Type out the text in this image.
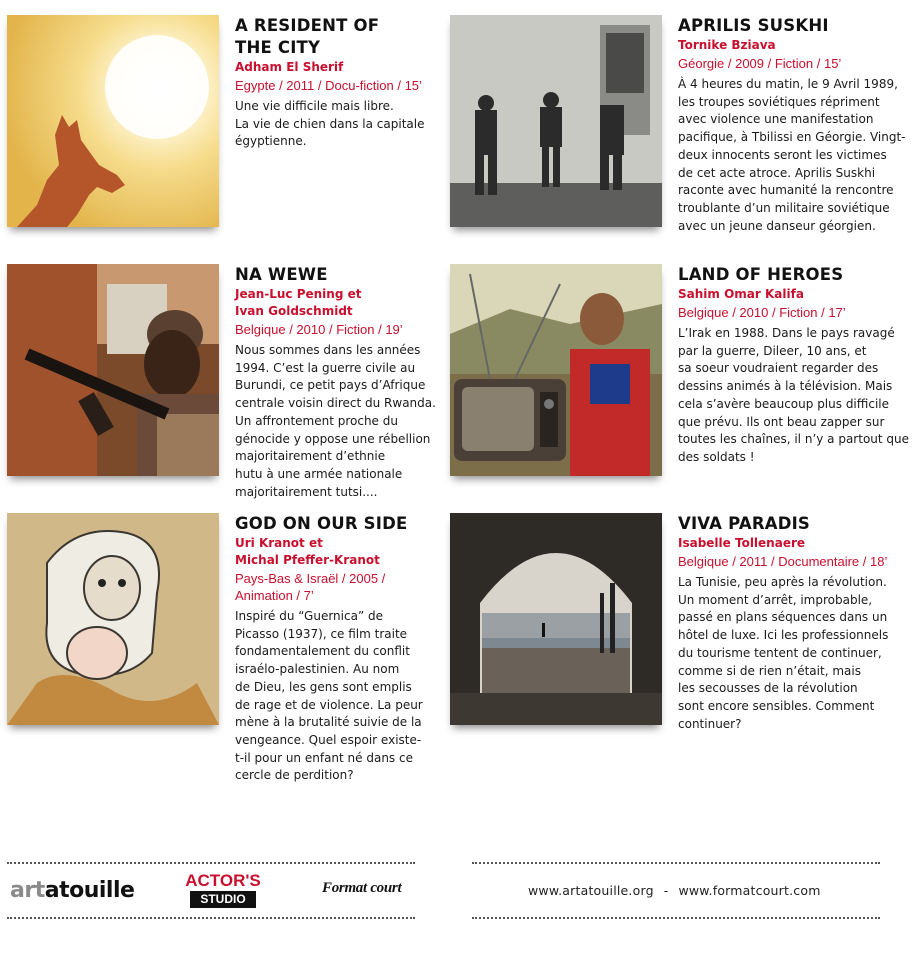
A RESIDENT OF
THE CITY

Adham El Sherif

Egypte / 2011 / Docu-fiction / 15’

Une vie difficile mais libre.
La vie de chien dans la capitale
égyptienne.

APRILIS SUSKHI

Tornike Bziava

Géorgie / 2009 / Fiction / 15’

À 4 heures du matin, le 9 Avril 1989,
les troupes soviétiques répriment
avec violence une manifestation
pacifique, à Tbilissi en Géorgie. Vingt-
deux innocents seront les victimes
de cet acte atroce. Aprilis Suskhi
raconte avec humanité la rencontre
troublante d’un militaire soviétique
avec un jeune danseur géorgien.

NA WEWE

Jean-Luc Pening et
Ivan Goldschmidt

Belgique / 2010 / Fiction / 19’

Nous sommes dans les années
1994. C’est la guerre civile au
Burundi, ce petit pays d’Afrique
centrale voisin direct du Rwanda.
Un affrontement proche du
génocide y oppose une rébellion
majoritairement d’ethnie
hutu à une armée nationale
majoritairement tutsi....

LAND OF HEROES

Sahim Omar Kalifa

Belgique / 2010 / Fiction / 17’

L’Irak en 1988. Dans le pays ravagé
par la guerre, Dileer, 10 ans, et
sa soeur voudraient regarder des
dessins animés à la télévision. Mais
cela s’avère beaucoup plus difficile
que prévu. Ils ont beau zapper sur
toutes les chaînes, il n’y a partout que
des soldats !

GOD ON OUR SIDE

Uri Kranot et
Michal Pfeffer-Kranot

Pays-Bas & Israël / 2005 /
Animation / 7’

Inspiré du “Guernica” de
Picasso (1937), ce film traite
fondamentalement du conflit
israélo-palestinien. Au nom
de Dieu, les gens sont emplis
de rage et de violence. La peur
mène à la brutalité suivie de la
vengeance. Quel espoir existe-
t-il pour un enfant né dans ce
cercle de perdition?

VIVA PARADIS

Isabelle Tollenaere

Belgique / 2011 / Documentaire / 18’

La Tunisie, peu après la révolution.
Un moment d’arrêt, improbable,
passé en plans séquences dans un
hôtel de luxe. Ici les professionnels
du tourisme tentent de continuer,
comme si de rien n’était, mais
les secousses de la révolution
sont encore sensibles. Comment
continuer?

artatouille	ACTOR'S
STUDIO
Format court	www.artatouille.org - www.formatcourt.com
